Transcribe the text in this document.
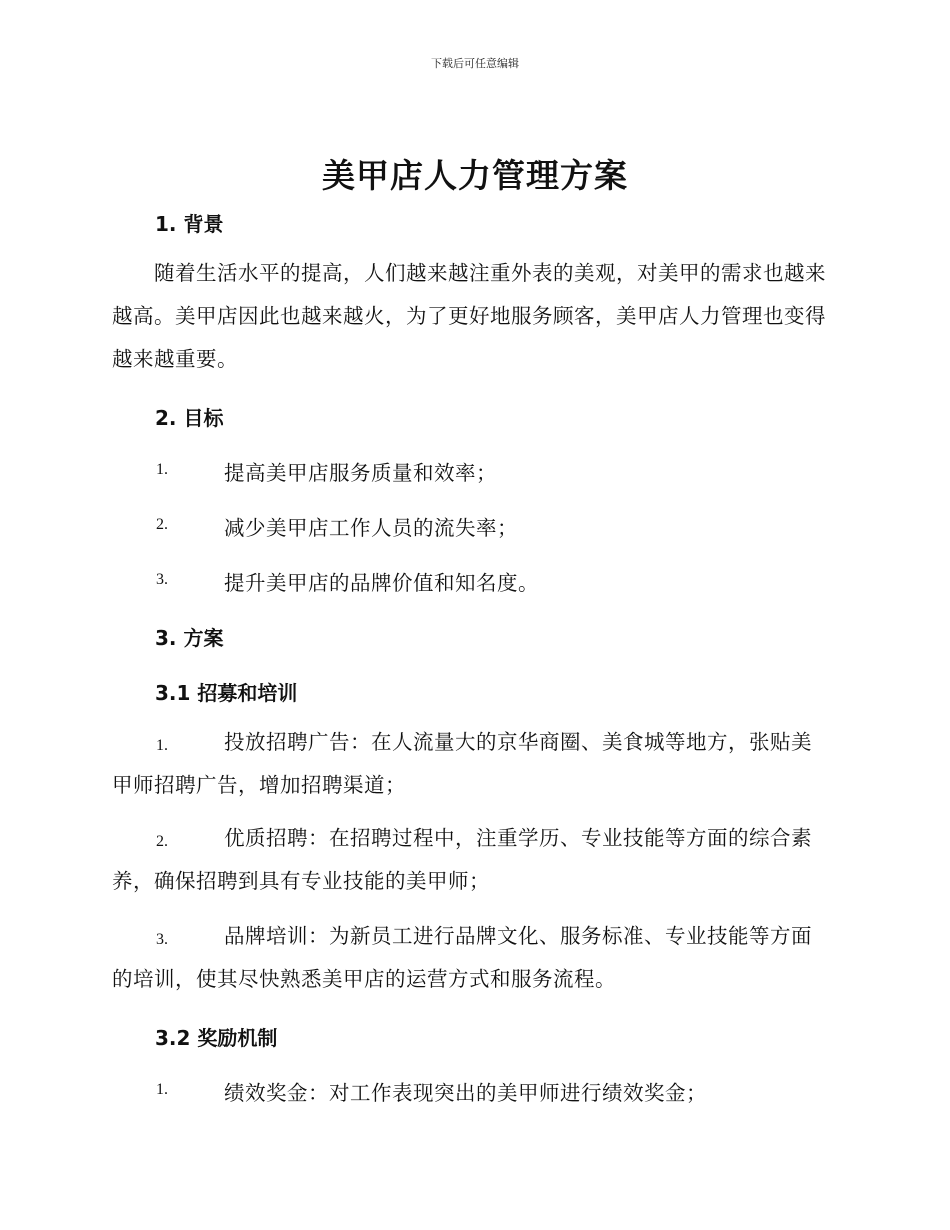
下载后可任意编辑
美甲店人力管理方案
1. 背景
随着生活水平的提高，人们越来越注重外表的美观，对美甲的需求也越来越高。美甲店因此也越来越火，为了更好地服务顾客，美甲店人力管理也变得越来越重要。
2. 目标
1.	提高美甲店服务质量和效率；
2.	减少美甲店工作人员的流失率；
3.	提升美甲店的品牌价值和知名度。
3. 方案
3.1 招募和培训
1.	投放招聘广告：在人流量大的京华商圈、美食城等地方，张贴美甲师招聘广告，增加招聘渠道；
2.	优质招聘：在招聘过程中，注重学历、专业技能等方面的综合素养，确保招聘到具有专业技能的美甲师；
3.	品牌培训：为新员工进行品牌文化、服务标准、专业技能等方面的培训，使其尽快熟悉美甲店的运营方式和服务流程。
3.2 奖励机制
1.	绩效奖金：对工作表现突出的美甲师进行绩效奖金；
